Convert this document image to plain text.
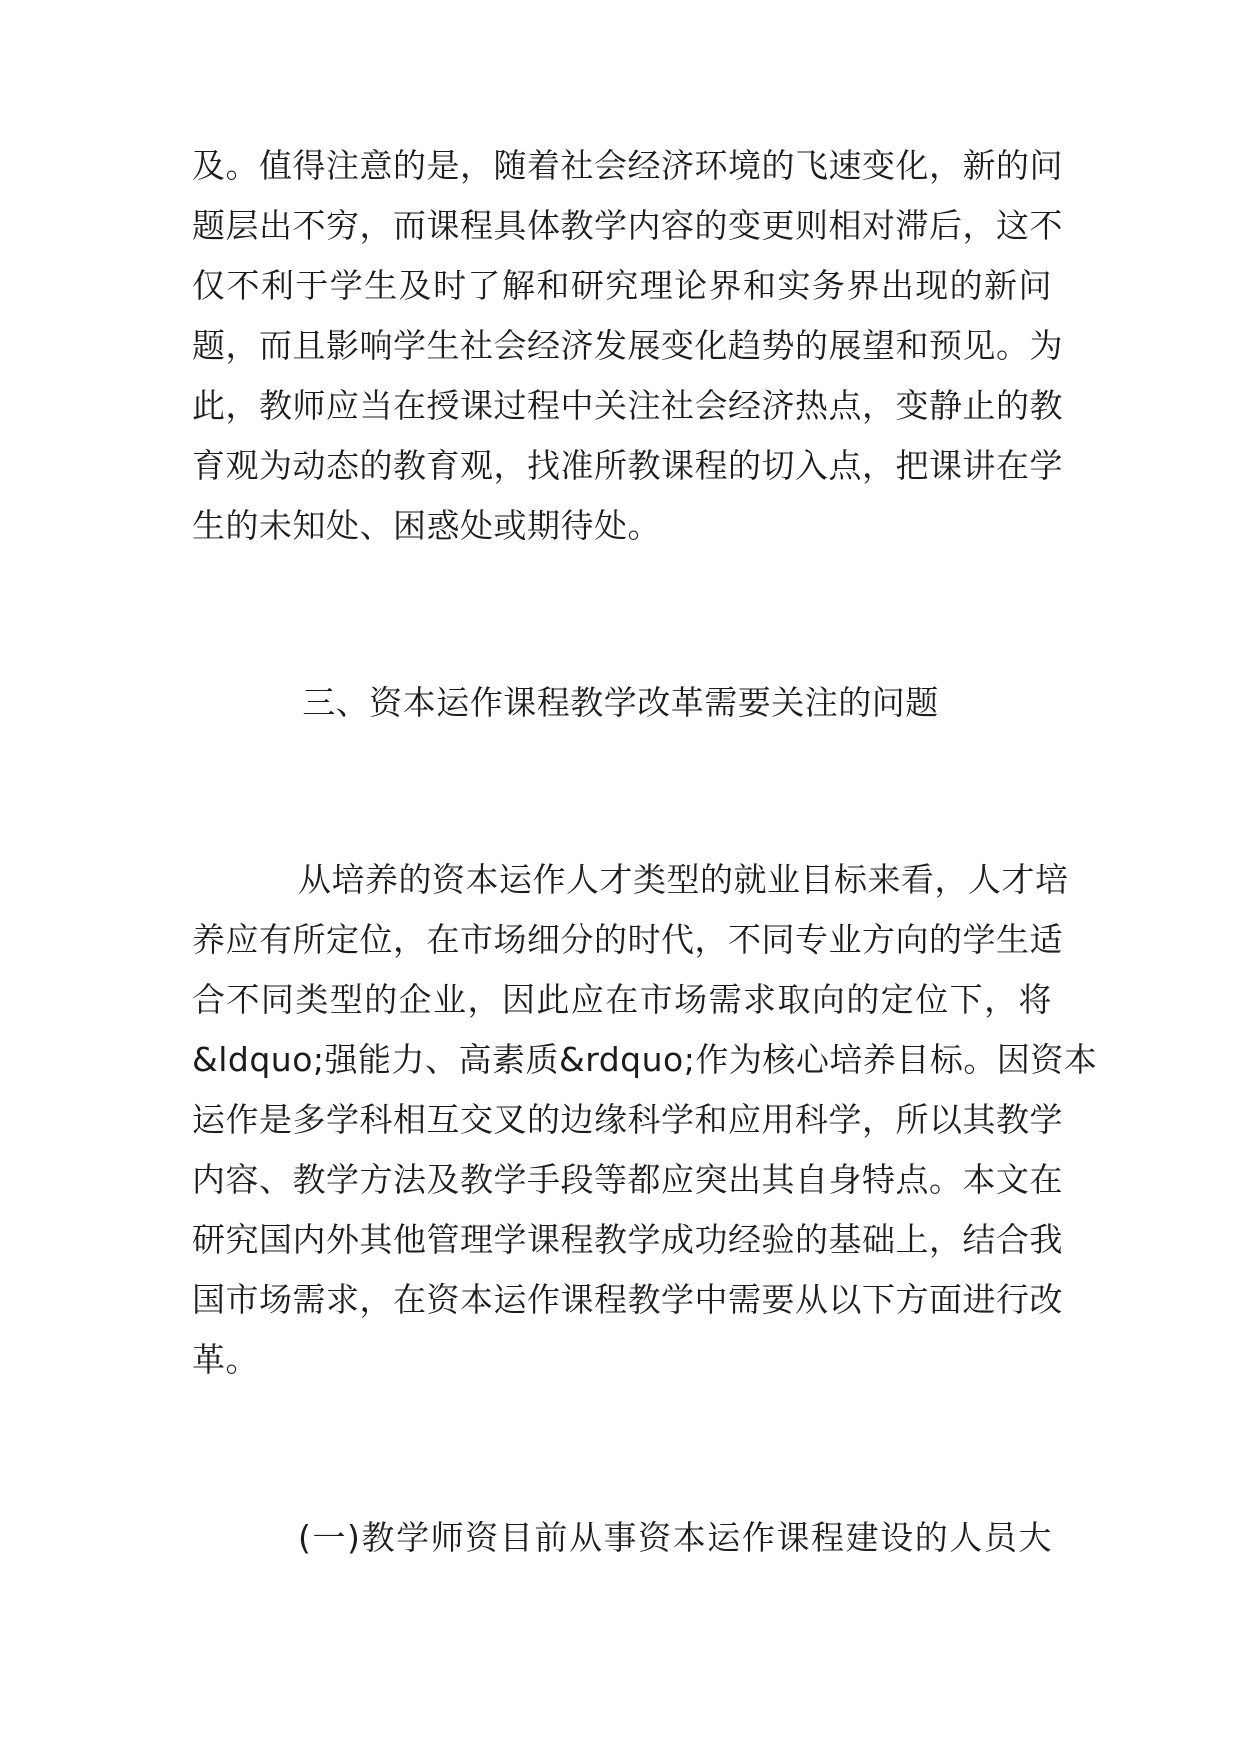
及。值得注意的是，随着社会经济环境的飞速变化，新的问
题层出不穷，而课程具体教学内容的变更则相对滞后，这不
仅不利于学生及时了解和研究理论界和实务界出现的新问
题，而且影响学生社会经济发展变化趋势的展望和预见。为
此，教师应当在授课过程中关注社会经济热点，变静止的教
育观为动态的教育观，找准所教课程的切入点，把课讲在学
生的未知处、困惑处或期待处。
三、资本运作课程教学改革需要关注的问题
从培养的资本运作人才类型的就业目标来看，人才培
养应有所定位，在市场细分的时代，不同专业方向的学生适
合不同类型的企业，因此应在市场需求取向的定位下，将
&ldquo;强能力、高素质&rdquo;作为核心培养目标。因资本
运作是多学科相互交叉的边缘科学和应用科学，所以其教学
内容、教学方法及教学手段等都应突出其自身特点。本文在
研究国内外其他管理学课程教学成功经验的基础上，结合我
国市场需求，在资本运作课程教学中需要从以下方面进行改
革。
(一)教学师资目前从事资本运作课程建设的人员大
